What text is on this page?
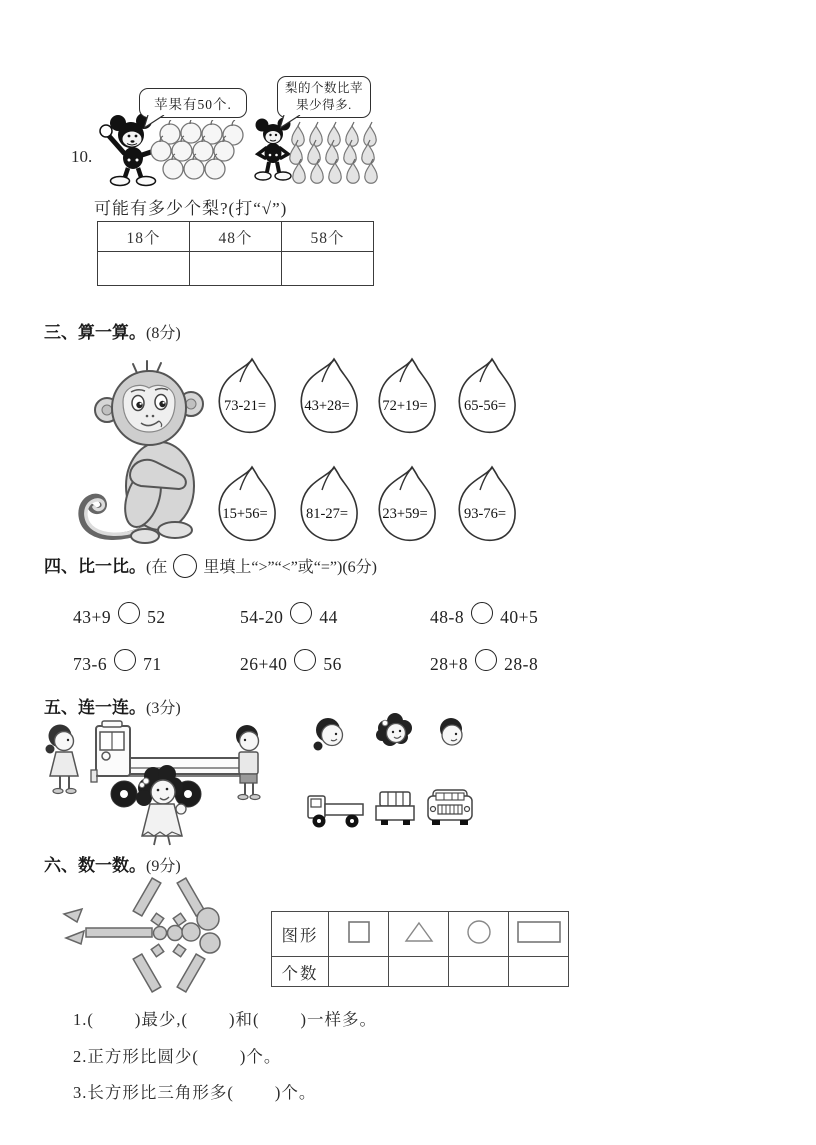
10.
苹果有50个.
梨的个数比苹果少得多.
可能有多少个梨?(打“√”)
18个	48个	58个

三、算一算。(8分)
73-21=	43+28=	72+19=	65-56=
15+56=	81-27=	23+59=	93-76=
四、比一比。(在 里填上“>”“<”或“=”)(6分)
43+9 52	54-20 44	48-8 40+5
73-6 71	26+40 56	28+8 28-8
五、连一连。(3分)
六、数一数。(9分)
图形				
个数				
1.(        )最少,(        )和(        )一样多。
2.正方形比圆少(        )个。
3.长方形比三角形多(        )个。
